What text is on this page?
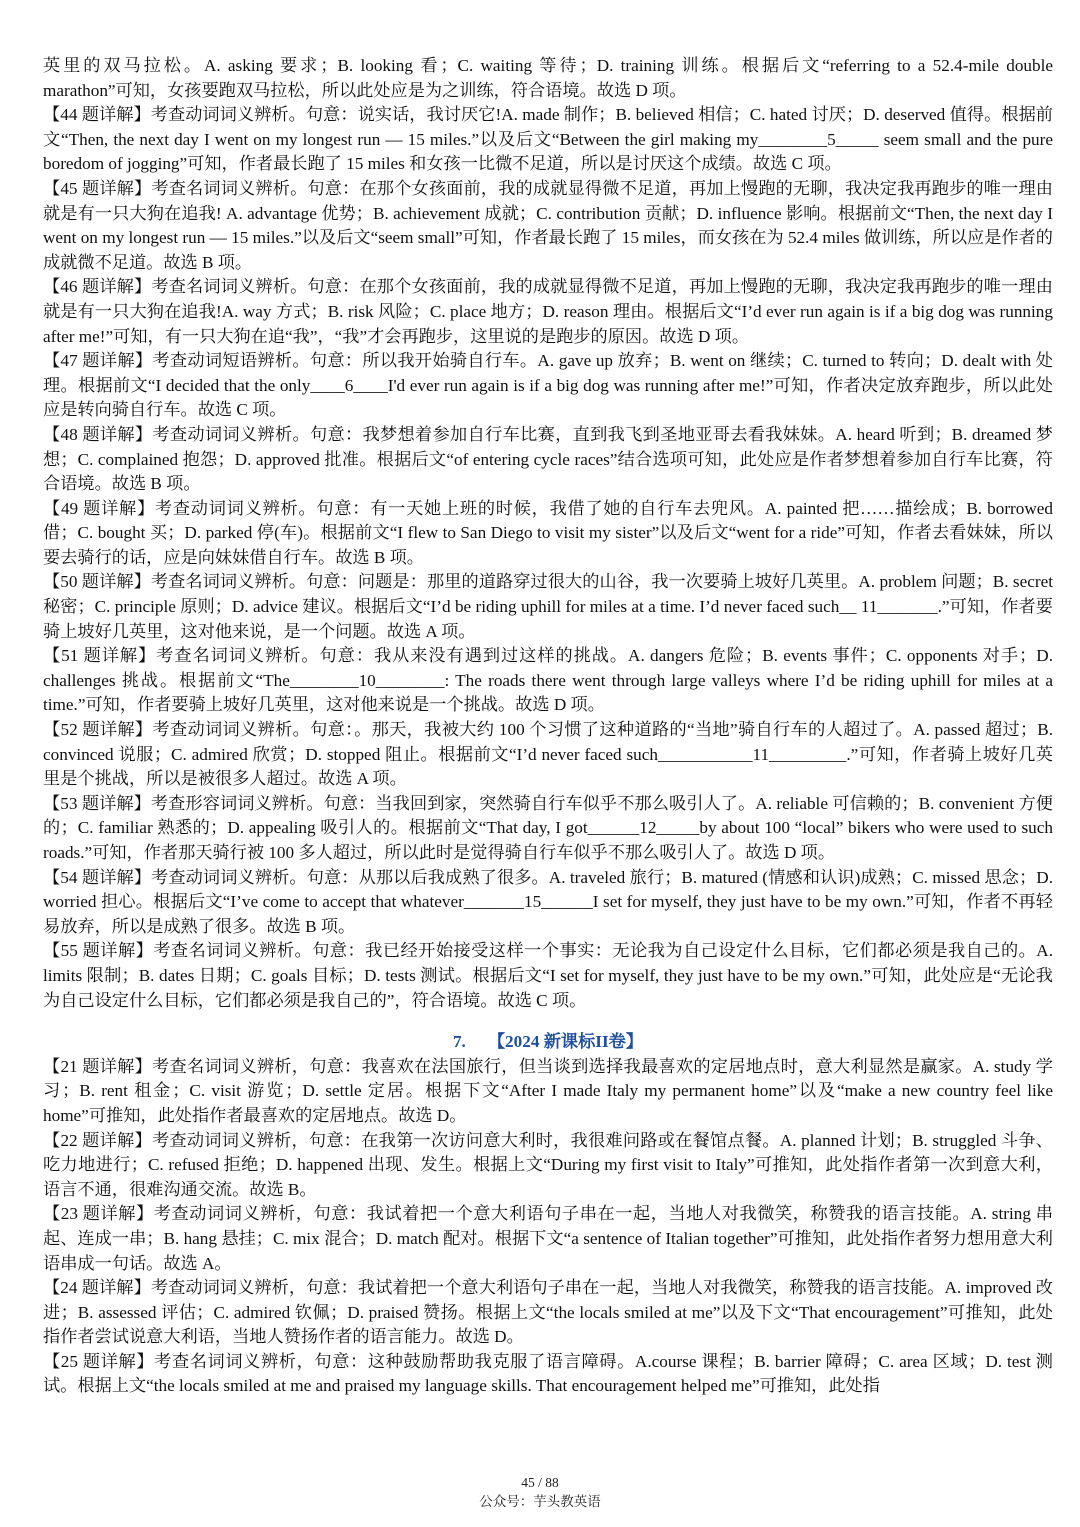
英里的双马拉松。A. asking 要求；B. looking 看；C. waiting 等待；D. training 训练。根据后文“referring to a 52.4-mile double marathon”可知，女孩要跑双马拉松，所以此处应是为之训练，符合语境。故选 D 项。

【44 题详解】考查动词词义辨析。句意：说实话，我讨厌它!A. made 制作；B. believed 相信；C. hated 讨厌；D. deserved 值得。根据前文“Then, the next day I went on my longest run — 15 miles.”以及后文“Between the girl making my________5_____ seem small and the pure boredom of jogging”可知，作者最长跑了 15 miles 和女孩一比微不足道，所以是讨厌这个成绩。故选 C 项。

【45 题详解】考查名词词义辨析。句意：在那个女孩面前，我的成就显得微不足道，再加上慢跑的无聊，我决定我再跑步的唯一理由就是有一只大狗在追我! A. advantage 优势；B. achievement 成就；C. contribution 贡献；D. influence 影响。根据前文“Then, the next day I went on my longest run — 15 miles.”以及后文“seem small”可知，作者最长跑了 15 miles，而女孩在为 52.4 miles 做训练，所以应是作者的成就微不足道。故选 B 项。

【46 题详解】考查名词词义辨析。句意：在那个女孩面前，我的成就显得微不足道，再加上慢跑的无聊，我决定我再跑步的唯一理由就是有一只大狗在追我!A. way 方式；B. risk 风险；C. place 地方；D. reason 理由。根据后文“I’d ever run again is if a big dog was running after me!”可知，有一只大狗在追“我”，“我”才会再跑步，这里说的是跑步的原因。故选 D 项。

【47 题详解】考查动词短语辨析。句意：所以我开始骑自行车。A. gave up 放弃；B. went on 继续；C. turned to 转向；D. dealt with 处理。根据前文“I decided that the only____6____I'd ever run again is if a big dog was running after me!”可知，作者决定放弃跑步，所以此处应是转向骑自行车。故选 C 项。

【48 题详解】考查动词词义辨析。句意：我梦想着参加自行车比赛，直到我飞到圣地亚哥去看我妹妹。A. heard 听到；B. dreamed 梦想；C. complained 抱怨；D. approved 批准。根据后文“of entering cycle races”结合选项可知，此处应是作者梦想着参加自行车比赛，符合语境。故选 B 项。

【49 题详解】考查动词词义辨析。句意：有一天她上班的时候，我借了她的自行车去兜风。A. painted 把……描绘成；B. borrowed 借；C. bought 买；D. parked 停(车)。根据前文“I flew to San Diego to visit my sister”以及后文“went for a ride”可知，作者去看妹妹，所以要去骑行的话，应是向妹妹借自行车。故选 B 项。

【50 题详解】考查名词词义辨析。句意：问题是：那里的道路穿过很大的山谷，我一次要骑上坡好几英里。A. problem 问题；B. secret 秘密；C. principle 原则；D. advice 建议。根据后文“I’d be riding uphill for miles at a time. I’d never faced such__ 11_______.”可知，作者要骑上坡好几英里，这对他来说，是一个问题。故选 A 项。

【51 题详解】考查名词词义辨析。句意：我从来没有遇到过这样的挑战。A. dangers 危险；B. events 事件；C. opponents 对手；D. challenges 挑战。根据前文“The________10________: The roads there went through large valleys where I’d be riding uphill for miles at a time.”可知，作者要骑上坡好几英里，这对他来说是一个挑战。故选 D 项。

【52 题详解】考查动词词义辨析。句意：。那天，我被大约 100 个习惯了这种道路的“当地”骑自行车的人超过了。A. passed 超过；B. convinced 说服；C. admired 欣赏；D. stopped 阻止。根据前文“I’d never faced such___________11_________.”可知，作者骑上坡好几英里是个挑战，所以是被很多人超过。故选 A 项。

【53 题详解】考查形容词词义辨析。句意：当我回到家，突然骑自行车似乎不那么吸引人了。A. reliable 可信赖的；B. convenient 方便的；C. familiar 熟悉的；D. appealing 吸引人的。根据前文“That day, I got______12_____by about 100 “local” bikers who were used to such roads.”可知，作者那天骑行被 100 多人超过，所以此时是觉得骑自行车似乎不那么吸引人了。故选 D 项。

【54 题详解】考查动词词义辨析。句意：从那以后我成熟了很多。A. traveled 旅行；B. matured (情感和认识)成熟；C. missed 思念；D. worried 担心。根据后文“I’ve come to accept that whatever_______15______I set for myself, they just have to be my own.”可知，作者不再轻易放弃，所以是成熟了很多。故选 B 项。

【55 题详解】考查名词词义辨析。句意：我已经开始接受这样一个事实：无论我为自己设定什么目标，它们都必须是我自己的。A. limits 限制；B. dates 日期；C. goals 目标；D. tests 测试。根据后文“I set for myself, they just have to be my own.”可知，此处应是“无论我为自己设定什么目标，它们都必须是我自己的”，符合语境。故选 C 项。

7. 【2024 新课标II卷】

【21 题详解】考查名词词义辨析，句意：我喜欢在法国旅行，但当谈到选择我最喜欢的定居地点时，意大利显然是赢家。A. study 学习；B. rent 租金；C. visit 游览；D. settle 定居。根据下文“After I made Italy my permanent home”以及“make a new country feel like home”可推知，此处指作者最喜欢的定居地点。故选 D。

【22 题详解】考查动词词义辨析，句意：在我第一次访问意大利时，我很难问路或在餐馆点餐。A. planned 计划；B. struggled 斗争、吃力地进行；C. refused 拒绝；D. happened 出现、发生。根据上文“During my first visit to Italy”可推知，此处指作者第一次到意大利，语言不通，很难沟通交流。故选 B。

【23 题详解】考查动词词义辨析，句意：我试着把一个意大利语句子串在一起，当地人对我微笑，称赞我的语言技能。A. string 串起、连成一串；B. hang 悬挂；C. mix 混合；D. match 配对。根据下文“a sentence of Italian together”可推知，此处指作者努力想用意大利语串成一句话。故选 A。

【24 题详解】考查动词词义辨析，句意：我试着把一个意大利语句子串在一起，当地人对我微笑，称赞我的语言技能。A. improved 改进；B. assessed 评估；C. admired 钦佩；D. praised 赞扬。根据上文“the locals smiled at me”以及下文“That encouragement”可推知，此处指作者尝试说意大利语，当地人赞扬作者的语言能力。故选 D。

【25 题详解】考查名词词义辨析，句意：这种鼓励帮助我克服了语言障碍。A.course 课程；B. barrier 障碍；C. area 区域；D. test 测试。根据上文“the locals smiled at me and praised my language skills. That encouragement helped me”可推知，此处指

45 / 88
公众号：芋头教英语
